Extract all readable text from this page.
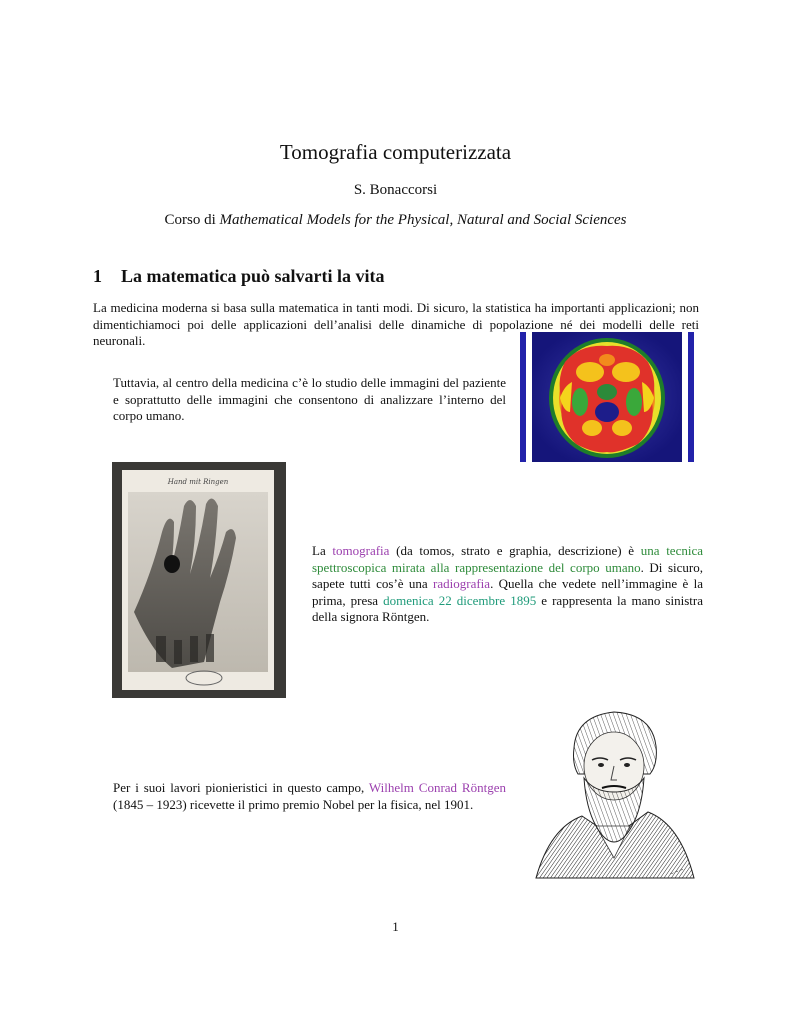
Tomografia computerizzata
S. Bonaccorsi
Corso di Mathematical Models for the Physical, Natural and Social Sciences
1 La matematica può salvarti la vita
La medicina moderna si basa sulla matematica in tanti modi. Di sicuro, la statistica ha importanti applicazioni; non dimentichiamoci poi delle applicazioni dell’analisi delle dinamiche di popolazione né dei modelli delle reti neuronali.
Tuttavia, al centro della medicina c’è lo studio delle immagini del paziente e soprattutto delle immagini che consentono di analizzare l’interno del corpo umano.
Hand mit Ringen
La tomografia (da tomos, strato e graphia, descrizione) è una tecnica spettroscopica mirata alla rappresentazione del corpo umano. Di sicuro, sapete tutti cos’è una radiografia. Quella che vedete nell’immagine è la prima, presa domenica 22 dicembre 1895 e rappresenta la mano sinistra della signora Röntgen.
~~~
Per i suoi lavori pionieristici in questo campo, Wilhelm Conrad Röntgen (1845 – 1923) ricevette il primo premio Nobel per la fisica, nel 1901.
1
